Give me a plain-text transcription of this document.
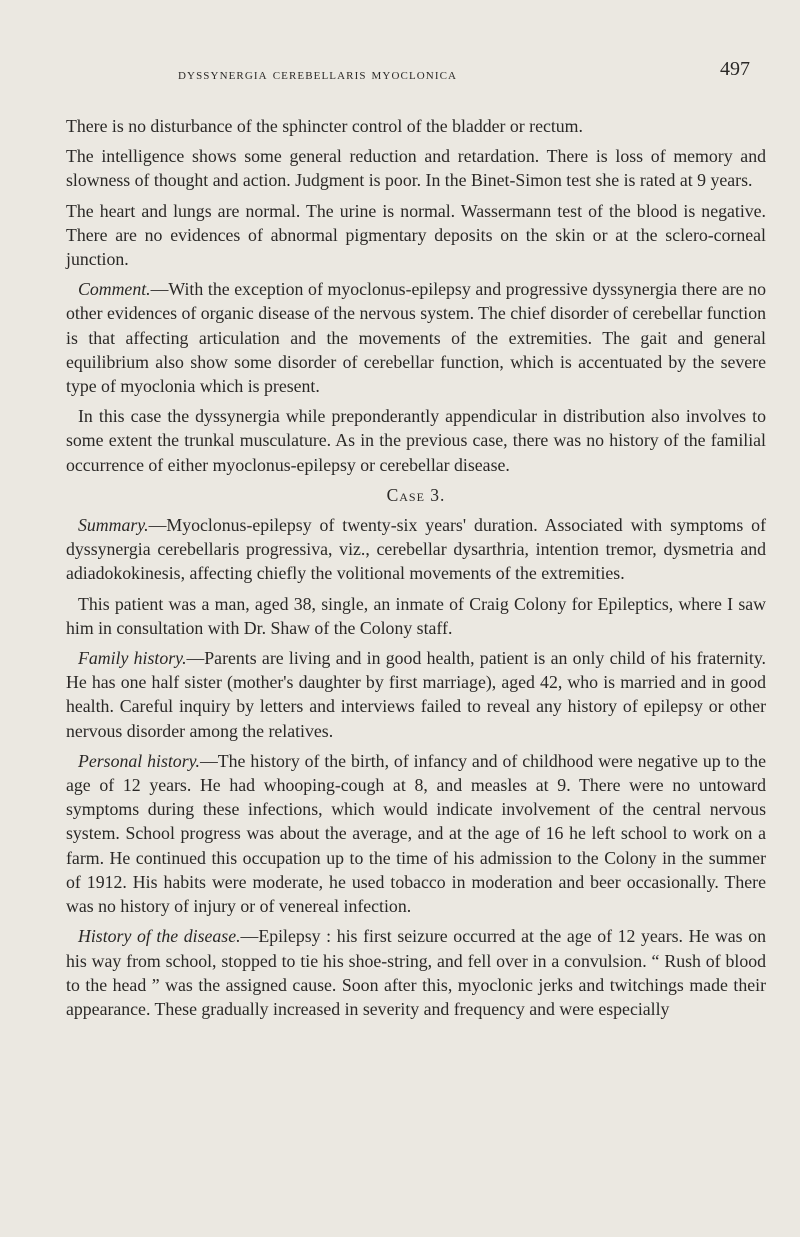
dyssynergia cerebellaris myoclonica	497

There is no disturbance of the sphincter control of the bladder or rectum.

The intelligence shows some general reduction and retardation. There is loss of memory and slowness of thought and action. Judgment is poor. In the Binet-Simon test she is rated at 9 years.

The heart and lungs are normal. The urine is normal. Wassermann test of the blood is negative. There are no evidences of abnormal pigmentary deposits on the skin or at the sclero-corneal junction.

Comment.—With the exception of myoclonus-epilepsy and progressive dyssynergia there are no other evidences of organic disease of the nervous system. The chief disorder of cerebellar function is that affecting articulation and the movements of the extremities. The gait and general equilibrium also show some disorder of cerebellar function, which is accentuated by the severe type of myoclonia which is present.

In this case the dyssynergia while preponderantly appendicular in distribution also involves to some extent the trunkal musculature. As in the previous case, there was no history of the familial occurrence of either myoclonus-epilepsy or cerebellar disease.

Case 3.

Summary.—Myoclonus-epilepsy of twenty-six years' duration. Associated with symptoms of dyssynergia cerebellaris progressiva, viz., cerebellar dysarthria, intention tremor, dysmetria and adiadokokinesis, affecting chiefly the volitional movements of the extremities.

This patient was a man, aged 38, single, an inmate of Craig Colony for Epileptics, where I saw him in consultation with Dr. Shaw of the Colony staff.

Family history.—Parents are living and in good health, patient is an only child of his fraternity. He has one half sister (mother's daughter by first marriage), aged 42, who is married and in good health. Careful inquiry by letters and interviews failed to reveal any history of epilepsy or other nervous disorder among the relatives.

Personal history.—The history of the birth, of infancy and of childhood were negative up to the age of 12 years. He had whooping-cough at 8, and measles at 9. There were no untoward symptoms during these infections, which would indicate involvement of the central nervous system. School progress was about the average, and at the age of 16 he left school to work on a farm. He continued this occupation up to the time of his admission to the Colony in the summer of 1912. His habits were moderate, he used tobacco in moderation and beer occasionally. There was no history of injury or of venereal infection.

History of the disease.—Epilepsy : his first seizure occurred at the age of 12 years. He was on his way from school, stopped to tie his shoe-string, and fell over in a convulsion. “ Rush of blood to the head ” was the assigned cause. Soon after this, myoclonic jerks and twitchings made their appearance. These gradually increased in severity and frequency and were especially
